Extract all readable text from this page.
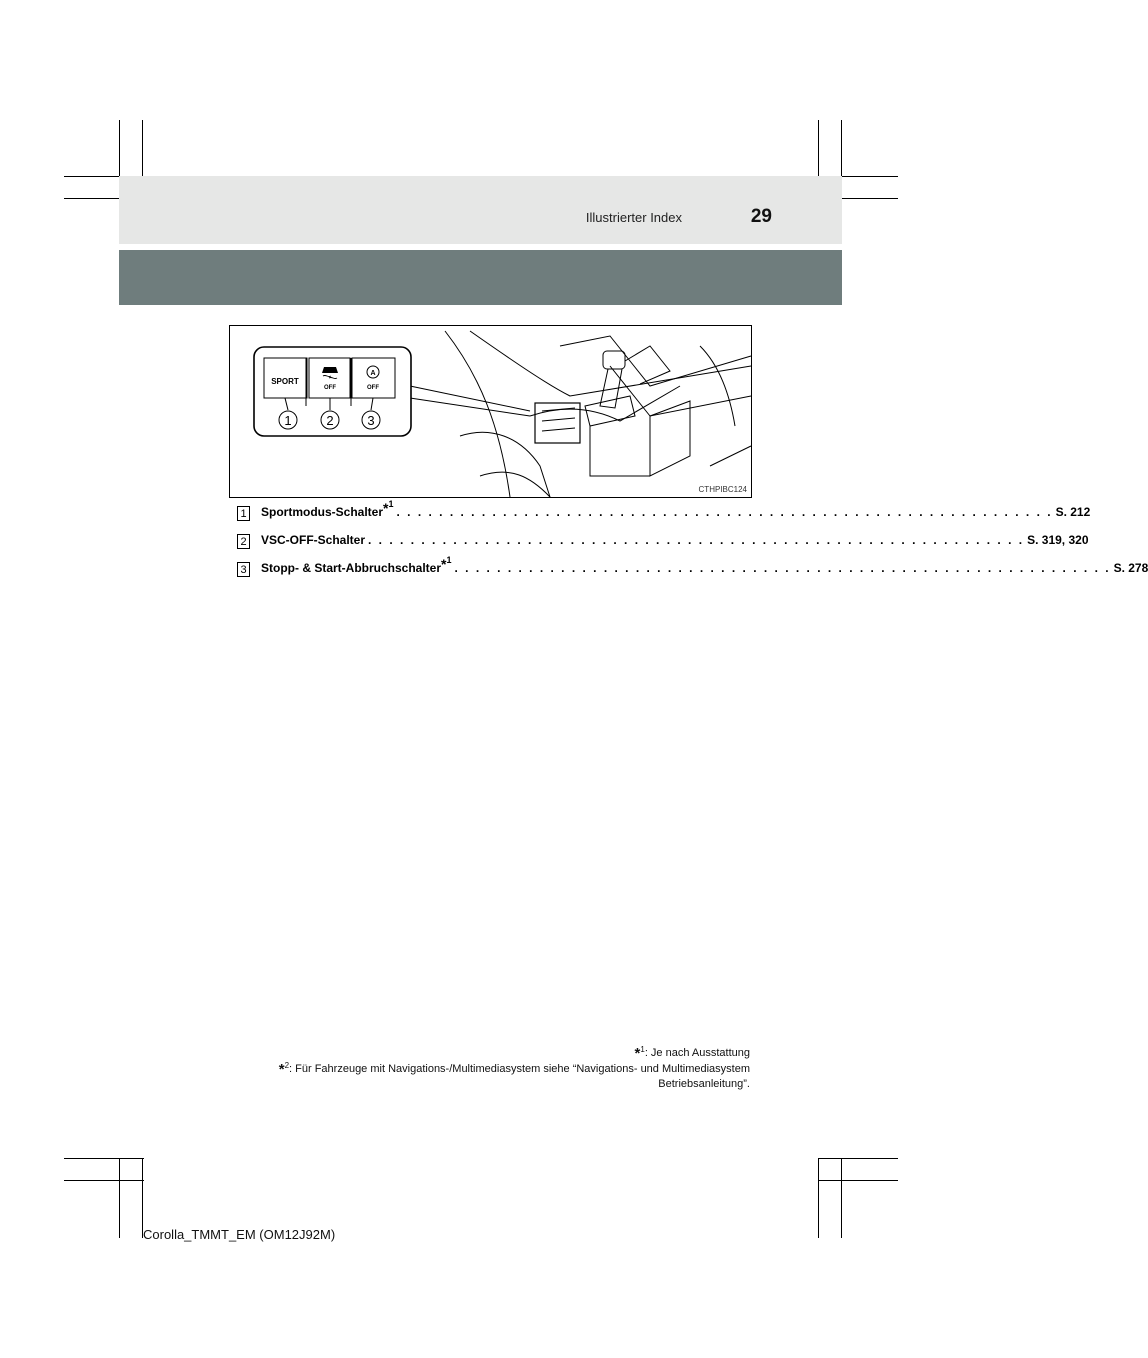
Illustrierter Index	29
SPORT
OFF
A
OFF
1	2	3
CTHPIBC124
1 Sportmodus-Schalter * 1
. . . . . . . . . . . . . . . . . . . . . . . . . . . . . . . . . . . . . . . . . . . . . . . . . . . . . . . . . . . . . . S. 212
2 VSC-OFF-Schalter . . . . . . . . . . . . . . . . . . . . . . . . . . . . . . . . . . . . . . . . . . . . . . . . . . . . . . . . . . . . . . S. 319, 320
3 Stopp- & Start-Abbruchschalter * 1
. . . . . . . . . . . . . . . . . . . . . . . . . . . . . . . . . . . . . . . . . . . . . . . . . . . . . . . . . . . . . . S. 278
*$^1$: Je nach Ausstattung
*$^2$: Für Fahrzeuge mit Navigations-/Multimediasystem siehe “Navigations- und Multimediasystem Betriebsanleitung”.
Corolla_TMMT_EM (OM12J92M)
